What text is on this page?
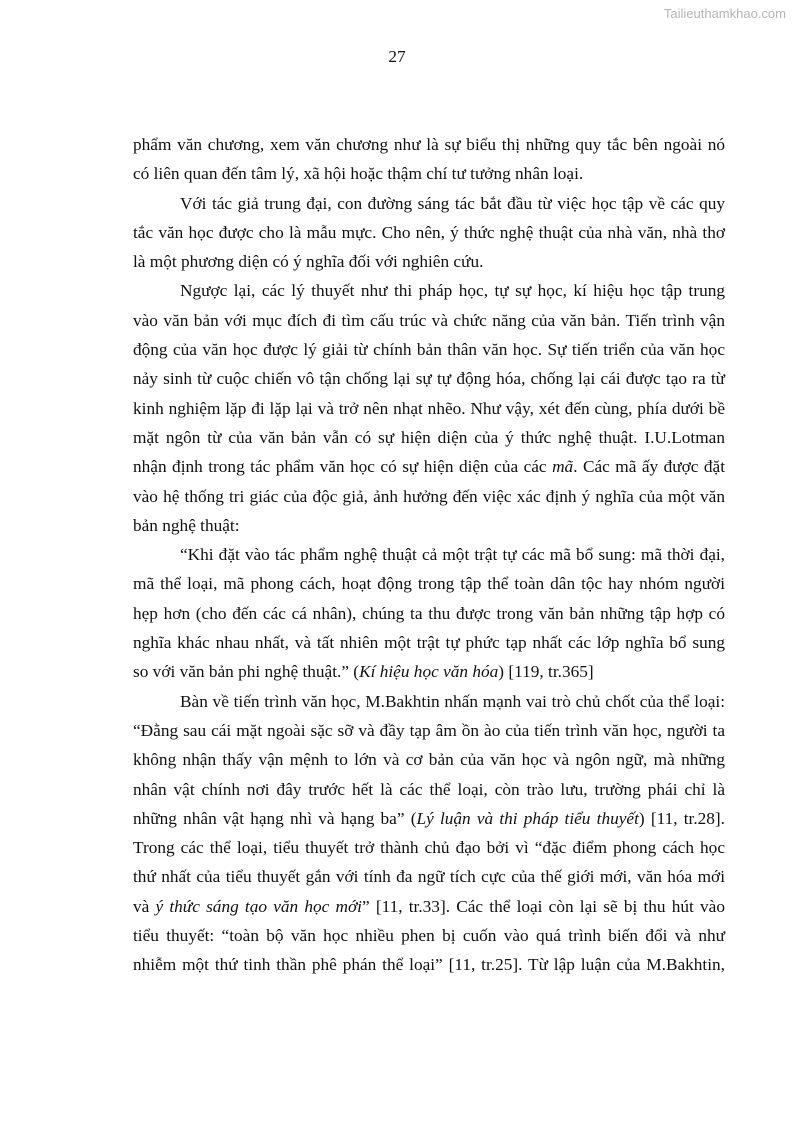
Tailieuthamkhao.com
27
phẩm văn chương, xem văn chương như là sự biểu thị những quy tắc bên ngoài nó
có liên quan đến tâm lý, xã hội hoặc thậm chí tư tưởng nhân loại.
Với tác giả trung đại, con đường sáng tác bắt đầu từ việc học tập về các quy
tắc văn học được cho là mẫu mực. Cho nên, ý thức nghệ thuật của nhà văn, nhà thơ
là một phương diện có ý nghĩa đối với nghiên cứu.
Ngược lại, các lý thuyết như thi pháp học, tự sự học, kí hiệu học tập trung
vào văn bản với mục đích đi tìm cấu trúc và chức năng của văn bản. Tiến trình vận
động của văn học được lý giải từ chính bản thân văn học. Sự tiến triển của văn học
nảy sinh từ cuộc chiến vô tận chống lại sự tự động hóa, chống lại cái được tạo ra từ
kinh nghiệm lặp đi lặp lại và trở nên nhạt nhẽo. Như vậy, xét đến cùng, phía dưới bề
mặt ngôn từ của văn bản vẫn có sự hiện diện của ý thức nghệ thuật. I.U.Lotman
nhận định trong tác phẩm văn học có sự hiện diện của các mã. Các mã ấy được đặt
vào hệ thống tri giác của độc giả, ảnh hưởng đến việc xác định ý nghĩa của một văn
bản nghệ thuật:
“Khi đặt vào tác phẩm nghệ thuật cả một trật tự các mã bổ sung: mã thời đại,
mã thể loại, mã phong cách, hoạt động trong tập thể toàn dân tộc hay nhóm người
hẹp hơn (cho đến các cá nhân), chúng ta thu được trong văn bản những tập hợp có
nghĩa khác nhau nhất, và tất nhiên một trật tự phức tạp nhất các lớp nghĩa bổ sung
so với văn bản phi nghệ thuật.” (Kí hiệu học văn hóa) [119, tr.365]
Bàn về tiến trình văn học, M.Bakhtin nhấn mạnh vai trò chủ chốt của thể loại:
“Đằng sau cái mặt ngoài sặc sỡ và đầy tạp âm ồn ào của tiến trình văn học, người ta
không nhận thấy vận mệnh to lớn và cơ bản của văn học và ngôn ngữ, mà những
nhân vật chính nơi đây trước hết là các thể loại, còn trào lưu, trường phái chỉ là
những nhân vật hạng nhì và hạng ba” (Lý luận và thi pháp tiểu thuyết) [11, tr.28].
Trong các thể loại, tiểu thuyết trở thành chủ đạo bởi vì “đặc điểm phong cách học
thứ nhất của tiểu thuyết gắn với tính đa ngữ tích cực của thế giới mới, văn hóa mới
và ý thức sáng tạo văn học mới” [11, tr.33]. Các thể loại còn lại sẽ bị thu hút vào
tiểu thuyết: “toàn bộ văn học nhiều phen bị cuốn vào quá trình biến đổi và như
nhiễm một thứ tinh thần phê phán thể loại” [11, tr.25]. Từ lập luận của M.Bakhtin,
